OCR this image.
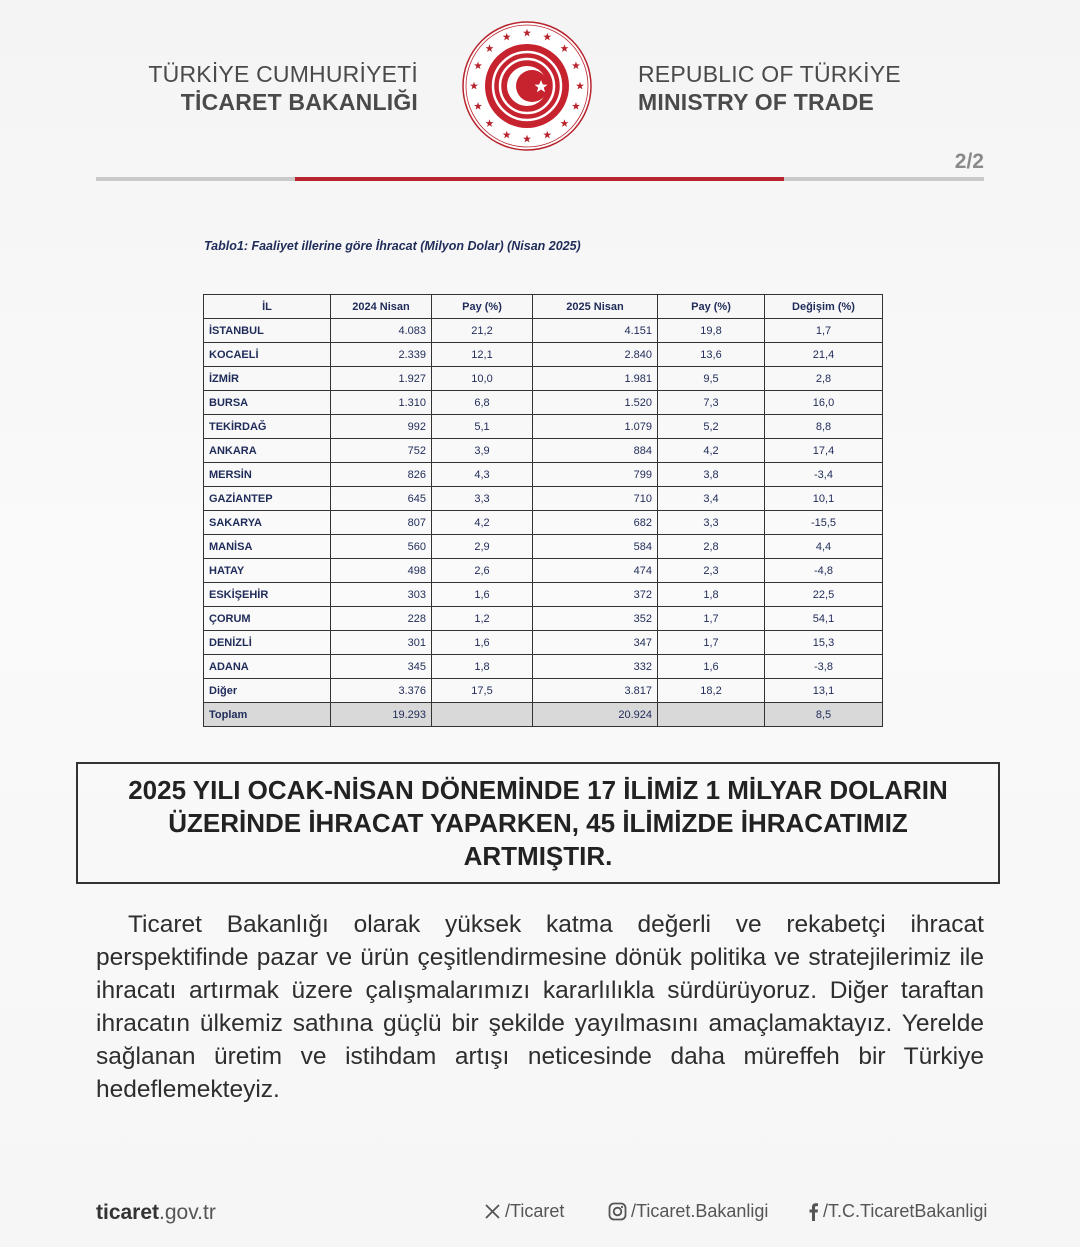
TÜRKİYE CUMHURİYETİ
TİCARET BAKANLIĞI
REPUBLIC OF TÜRKİYE
MINISTRY OF TRADE
2/2
Tablo1: Faaliyet illerine göre İhracat (Milyon Dolar) (Nisan 2025)
İL	2024 Nisan	Pay (%)	2025 Nisan	Pay (%)	Değişim (%)
İSTANBUL	4.083	21,2	4.151	19,8	1,7
KOCAELİ	2.339	12,1	2.840	13,6	21,4
İZMİR	1.927	10,0	1.981	9,5	2,8
BURSA	1.310	6,8	1.520	7,3	16,0
TEKİRDAĞ	992	5,1	1.079	5,2	8,8
ANKARA	752	3,9	884	4,2	17,4
MERSİN	826	4,3	799	3,8	-3,4
GAZİANTEP	645	3,3	710	3,4	10,1
SAKARYA	807	4,2	682	3,3	-15,5
MANİSA	560	2,9	584	2,8	4,4
HATAY	498	2,6	474	2,3	-4,8
ESKİŞEHİR	303	1,6	372	1,8	22,5
ÇORUM	228	1,2	352	1,7	54,1
DENİZLİ	301	1,6	347	1,7	15,3
ADANA	345	1,8	332	1,6	-3,8
Diğer	3.376	17,5	3.817	18,2	13,1
Toplam	19.293		20.924		8,5
2025 YILI OCAK-NİSAN DÖNEMİNDE 17 İLİMİZ 1 MİLYAR DOLARIN ÜZERİNDE İHRACAT YAPARKEN, 45 İLİMİZDE İHRACATIMIZ ARTMIŞTIR.
Ticaret Bakanlığı olarak yüksek katma değerli ve rekabetçi ihracat perspektifinde pazar ve ürün çeşitlendirmesine dönük politika ve stratejilerimiz ile ihracatı artırmak üzere çalışmalarımızı kararlılıkla sürdürüyoruz. Diğer taraftan ihracatın ülkemiz sathına güçlü bir şekilde yayılmasını amaçlamaktayız. Yerelde sağlanan üretim ve istihdam artışı neticesinde daha müreffeh bir Türkiye hedeflemekteyiz.
ticaret.gov.tr	/Ticaret	/Ticaret.Bakanligi	/T.C.TicaretBakanligi
